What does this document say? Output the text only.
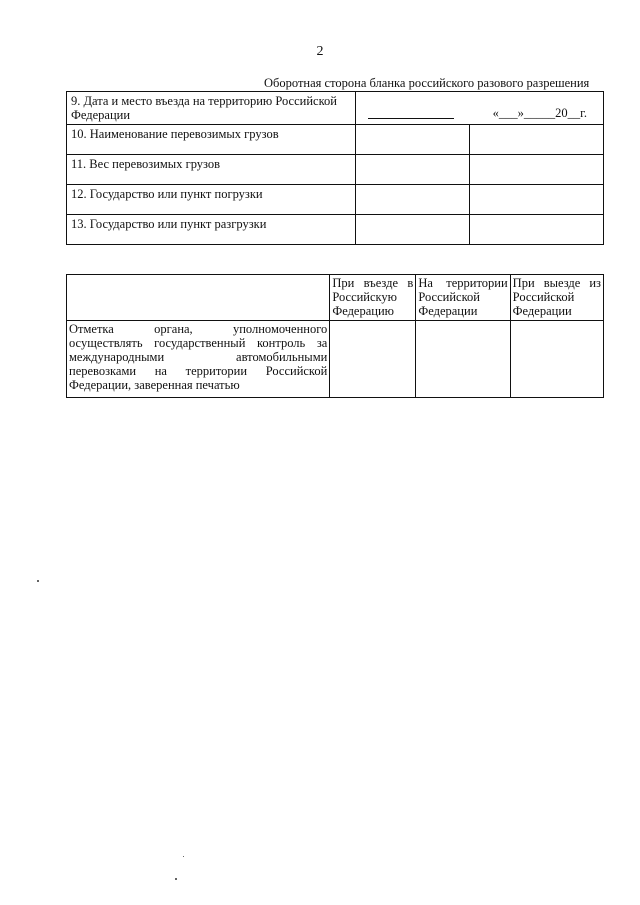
2
Оборотная сторона бланка российского разового разрешения
9. Дата и место въезда на территорию Российской Федерации	«___»_____20__г.	

10. Наименование перевозимых грузов		
11. Вес перевозимых грузов		
12. Государство или пункт погрузки		
13. Государство или пункт разгрузки		
	При въезде в Российскую Федерацию	На территории Российской Федерации	При выезде из Российской Федерации
Отметка органа, уполномоченного осуществлять государственный контроль за международными автомобильными перевозками на территории Российской Федерации, заверенная печатью			
